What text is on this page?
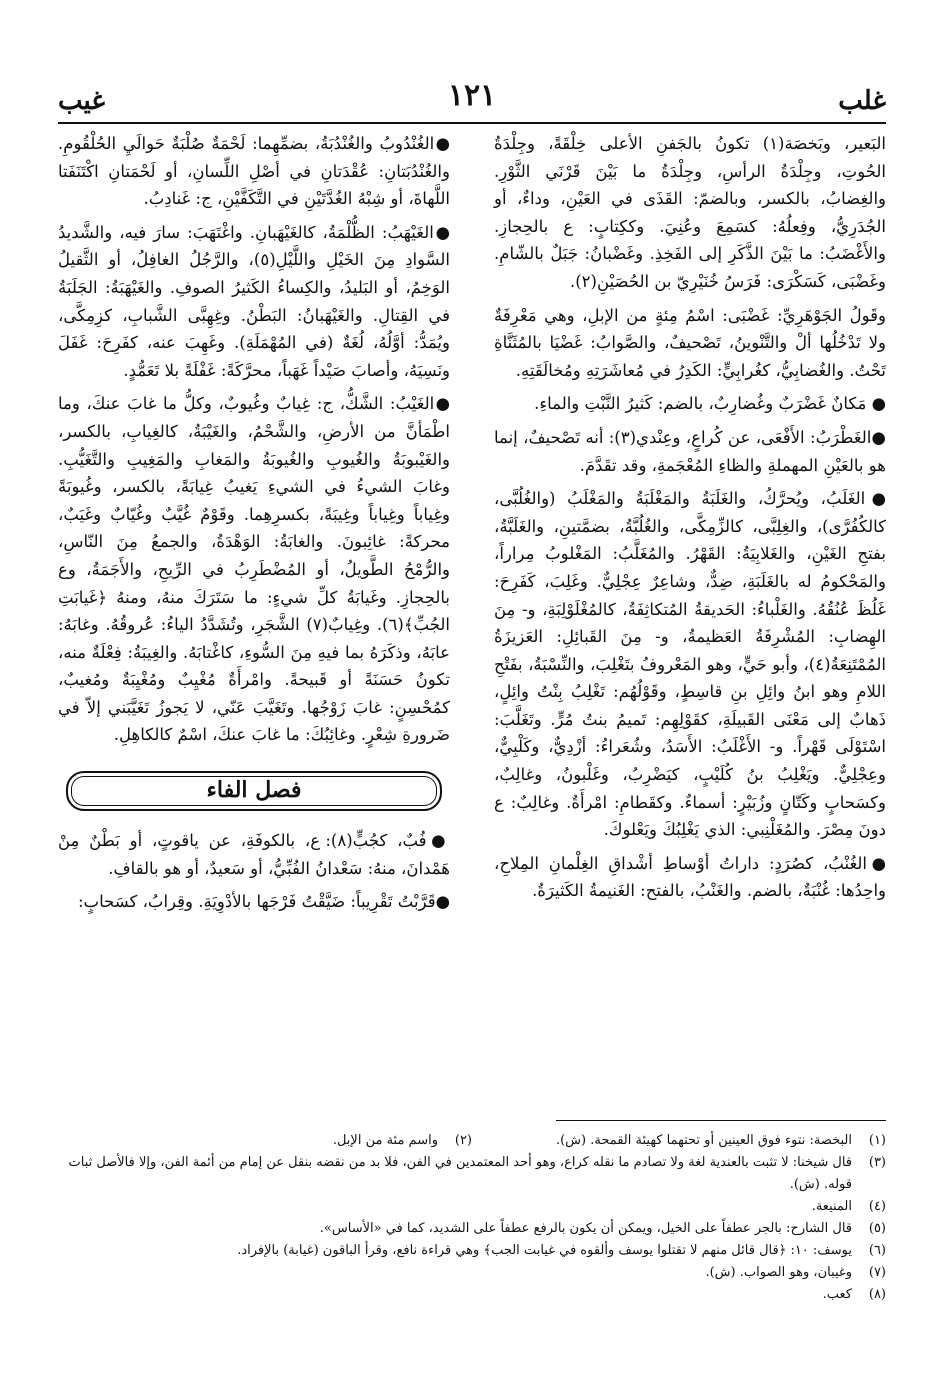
غلب
١٢١
غيب

البَعير، وبَخصَة(١) تكونُ بالجَفنِ الأعلى خِلْقَةً، وجِلْدَةُ الحُوتِ، وجِلْدَةُ الرأسِ، وجِلْدَةُ ما بَيْنَ قَرْنَي الثَّوْرِ. والغِضابُ، بالكسر، وبالضمّ: القَذَى في العَيْنِ، وداءٌ، أو الجُدَرِيُّ، وفِعلُهُ: كسَمِعَ وعُنِيَ. وككِتابٍ: ع بالحِجازِ. والأَغْضَبُ: ما بَيْنَ الذَّكَرِ إلى الفَخِذِ. وغَضْبانُ: جَبَلٌ بالشّامِ. وغَضْبَى، كَسَكْرَى: فَرَسُ خُنَيْرِيّ بن الحُصَيْنِ(٢).

وقَولُ الجَوْهَرِيِّ: غَضْبَى: اسْمُ مِئةٍ من الإبلِ، وهي مَعْرِفَةٌ ولا تَدْخُلُها ألْ والتَّنْوينُ، تَصْحيفٌ، والصَّوابُ: غَضْيَا بالمُثَنَّاةِ تَحْتُ. والغُضابِيُّ، كغُرابِيٍّ: الكَدِرُ في مُعاشَرَتِهِ ومُخالَقَتِهِ.

● مَكانٌ غَضْرَبٌ وغُضارِبٌ، بالضم: كَثيرُ النَّبْتِ والماءِ.

●الغَطْرَبُ: الأَفْعَى، عن كُراعٍ، وعِنْدي(٣): أنه تَصْحيفٌ، إنما هو بالعَيْنِ المهملةِ والظاءِ المُعْجَمةِ، وقد تقَدَّمَ.

●الغَلَبُ، ويُحرَّكُ، والغَلَبَةُ والمَغْلَبَةُ والمَغْلَبُ (والغُلُبَّى، كالكُفُرَّى)، والغِلِبَّى، كالزِّمِكَّى، والغُلُبَّةُ، بضمَّتينِ، والغَلَبَّةُ، بفتحِ الغَيْنِ، والغَلابِيَةُ: القَهْرُ. والمُغَلَّبُ: المَغْلوبُ مِراراً، والمَحْكومُ له بالغَلَبَةِ، ضِدٌّ، وشاعِرٌ عِجْلِيٌّ. وغَلِبَ، كَفَرِحَ: غَلُظَ عُنُقُهُ. والغَلْباءُ: الحَديقةُ المُتكاثِفَةُ، كالمُغْلَوْلِبَةِ، و- مِنَ الهِضابِ: المُشْرِفَةُ العَظيمةُ، و- مِنَ القَبائِلِ: العَزيزَةُ المُمْتَنِعَةُ(٤)، وأبو حَيٍّ، وهو المَعْروفُ بتَغْلِبَ، والنِّسْبَةُ، بفَتْحِ اللامِ وهو ابنُ وائِلِ بنِ قاسِطٍ، وقَوْلُهُم: تَغْلِبُ بِنْتُ وائِلٍ، ذَهابٌ إلى مَعْنَى القَبيلَةِ، كقَوْلِهِم: تَميمُ بنتُ مُرٍّ. وتَغَلَّبَ: اسْتَوْلَى قَهْراً. و- الأَغْلَبُ: الأَسَدُ، وشُعَراءُ: أزْدِيٌّ، وكَلْبِيٌّ، وعِجْلِيٌّ. ويَغْلِبُ بنُ كُلَيْبٍ، كيَضْرِبُ، وغَلْبونُ، وغالِبٌ، وكسَحابٍ وكَتّانٍ وزُبَيْرٍ: أسماءٌ. وكقَطامِ: امْرأَةٌ. وغالِبٌ: ع دونَ مِصْرَ. والمُغَلْنِبي: الذي يَغْلِبُكَ ويَعْلوكَ.

●الغُنْبُ، كصُرَدٍ: داراتُ أوْساطِ أشْداقِ الغِلْمانِ المِلاحِ، واحِدُها: غُنْبَةٌ، بالضم. والغَنْبُ، بالفتح: الغَنيمةُ الكَثيرَةُ.

●الغُنْدُوبُ والغُنْدُبَةُ، بضمِّهِما: لَحْمَةٌ صُلْبَةٌ حَوالَيِ الحُلْقُومِ. والغُنْدُبَتانِ: عُقْدَتانِ في أصْلِ اللِّسانِ، أو لَحْمَتانِ اكْتَنَفَتا اللَّهاةَ، أو شِبْهُ الغُدَّتَيْنِ في التَّكَفَّيْنِ، ج: غَنادِبُ.

●الغَيْهَبُ: الظُّلْمَةُ، كالغَيْهَبانِ. واغْتَهَبَ: سارَ فيه، والشَّديدُ السَّوادِ مِنَ الخَيْلِ واللَّيْلِ(٥)، والرَّجُلُ الغافِلُ، أو الثَّقيلُ الوَخِمُ، أو البَليدُ، والكِساءُ الكَثيرُ الصوفِ. والغَيْهَبَةُ: الجَلَبَةُ في القِتالِ. والغَيْهَبانُ: البَطْنُ. وغِهِبَّى الشَّبابِ، كزِمِكَّى، ويُمَدُّ: أوَّلُهُ، لُغَةٌ (في المُهْمَلَةِ). وغَهِبَ عنه، كفَرِحَ: غَفَلَ ونَسِيَهُ، وأصابَ صَيْداً غَهَباً، محرَّكَةً: غَفْلَةً بلا تَعَمُّدٍ.

●الغَيْبُ: الشَّكُّ، ج: غِيابٌ وغُيوبٌ، وكلُّ ما غابَ عنكَ، وما اطْمَأنَّ من الأرضِ، والشَّحْمُ، والغَيْبَةُ، كالغِيابِ، بالكسر، والغَيْبوبَةُ والغُيوبِ والغُيوبَةُ والمَغابِ والمَغِيبِ والتَّغَيُّبِ. وغابَ الشيءُ في الشيءِ يَغيبُ غِيابَةً، بالكسر، وغُيوبَةً وغِياباً وغِياباً وغِيبَةً، بكسرِهِما. وقَوْمٌ غُيَّبٌ وغُيّابٌ وغَيَبٌ، محركةً: غائِبونَ. والغابَةُ: الوَهْدَةُ، والجمعُ مِنَ النّاسِ، والرُّمْحُ الطَّويلُ، أو المُضْطَرِبُ في الرِّيحِ، والأَجَمَةُ، وع بالحِجازِ. وغَيابَةُ كلِّ شيءٍ: ما سَتَرَكَ منهُ، ومنهُ ﴿غَيابَتِ الجُبِّ﴾(٦). وغِيابٌ(٧) الشَّجَرِ، وتُشَدَّدُ الياءُ: عُروقُهُ. وغابَهُ: عابَهُ، وذكَرَهُ بما فيهِ مِنَ السُّوءِ، كاغْتابَهُ. والغِيبَةُ: فِعْلَةٌ منه، تكونُ حَسَنَةً أو قَبيحةً. وامْرأَةٌ مُغْيِبٌ ومُغْيِبَةٌ ومُغيبٌ، كمُحْسِنٍ: غابَ زَوْجُها. وتَغَيَّبَ عَنّي، لا يَجوزُ تَغَيَّبَني إلاّ في ضَرورةِ شِعْرٍ. وغائِبُكَ: ما غابَ عنكَ، اسْمٌ كالكاهِلِ.

فصل الفاء

●فُبٌ، كجُبٍّ(٨): ع، بالكوفَةِ، عن ياقوتٍ، أو بَطْنٌ مِنْ هَمْدانَ، منهُ: سَعْدانُ الفُبِّيُّ، أو سَعيدٌ، أو هو بالقافِ.

●قَرَّبْتُ تَقْرِيباً: ضَيَّقْتُ فَرْجَها بالأدْوِيَةِ. وقِرابُ، كسَحابٍ:

(١)
البخصة: نتوء فوق العينين أو تحتهما كهيئة القمحة. (ش).
(٢)
واسم مئة من الإبل.
(٣)
قال شيخنا: لا تثبت بالعندية لغة ولا تصادم ما نقله كراع، وهو أحد المعتمدين في الفن، فلا بد من نقضه بنقل عن إمام من أئمة الفن، وإلا فالأصل ثبات قوله. (ش).
(٤)
المنيعة.
(٥)
قال الشارح: بالجر عطفاً على الخيل، ويمكن أن يكون بالرفع عطفاً على الشديد، كما في «الأساس».
(٦)
يوسف: ١٠: ﴿قال قائل منهم لا تقتلوا يوسف وألقوه في غيابت الجب﴾ وهي قراءة نافع، وقرأ الباقون (غيابة) بالإفراد.
(٧)
وغيبان، وهو الصواب. (ش).
(٨)
كعب.
